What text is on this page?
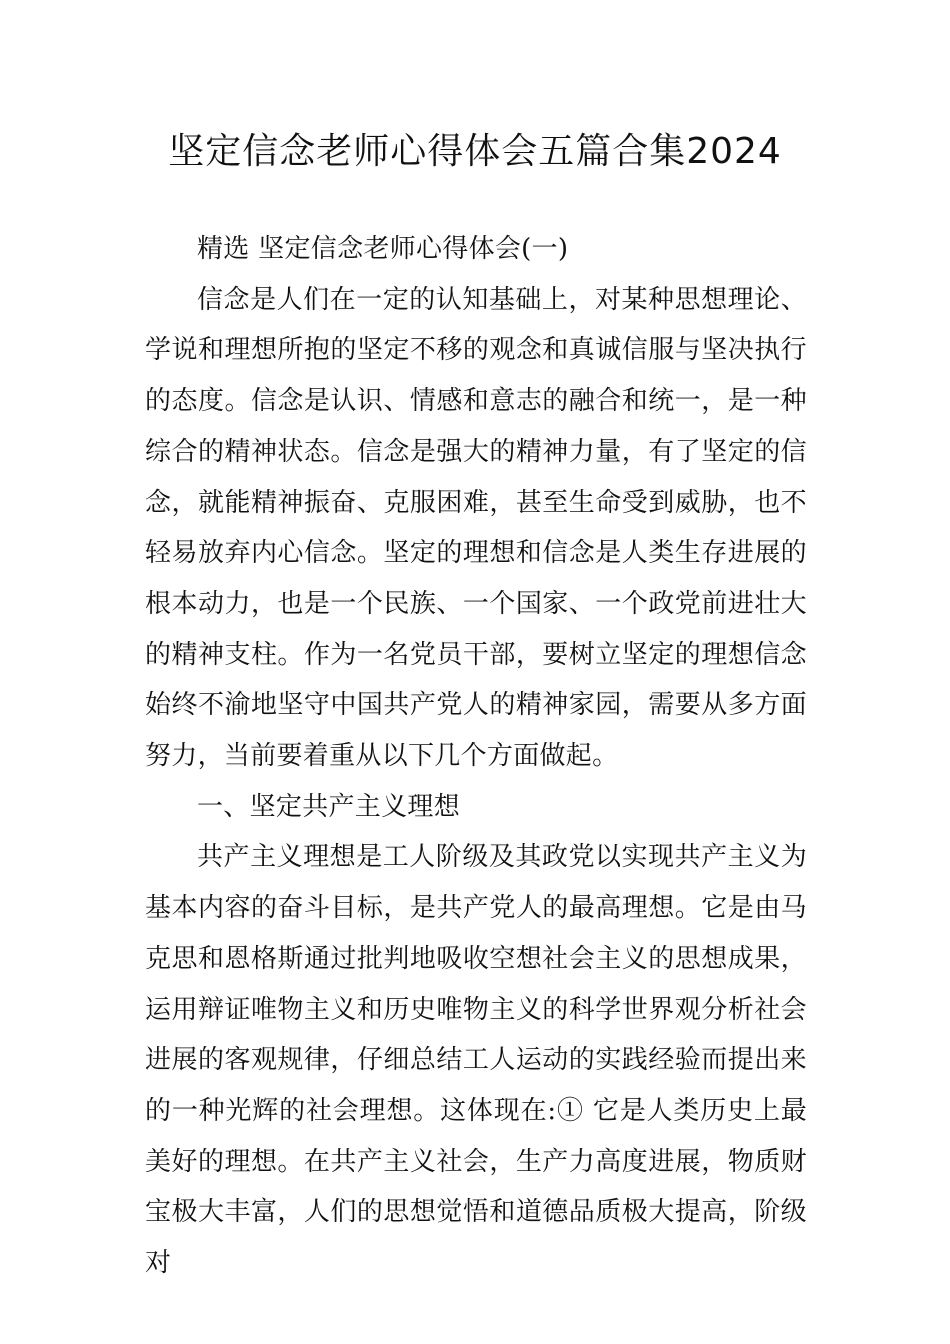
坚定信念老师心得体会五篇合集2024

精选 坚定信念老师心得体会(一)

信念是人们在一定的认知基础上，对某种思想理论、学说和理想所抱的坚定不移的观念和真诚信服与坚决执行的态度。信念是认识、情感和意志的融合和统一，是一种综合的精神状态。信念是强大的精神力量，有了坚定的信念，就能精神振奋、克服困难，甚至生命受到威胁，也不轻易放弃内心信念。坚定的理想和信念是人类生存进展的根本动力，也是一个民族、一个国家、一个政党前进壮大的精神支柱。作为一名党员干部，要树立坚定的理想信念始终不渝地坚守中国共产党人的精神家园，需要从多方面努力，当前要着重从以下几个方面做起。

一、坚定共产主义理想

共产主义理想是工人阶级及其政党以实现共产主义为基本内容的奋斗目标，是共产党人的最高理想。它是由马克思和恩格斯通过批判地吸收空想社会主义的思想成果，运用辩证唯物主义和历史唯物主义的科学世界观分析社会进展的客观规律，仔细总结工人运动的实践经验而提出来的一种光辉的社会理想。这体现在:① 它是人类历史上最美好的理想。在共产主义社会，生产力高度进展，物质财宝极大丰富，人们的思想觉悟和道德品质极大提高，阶级对
